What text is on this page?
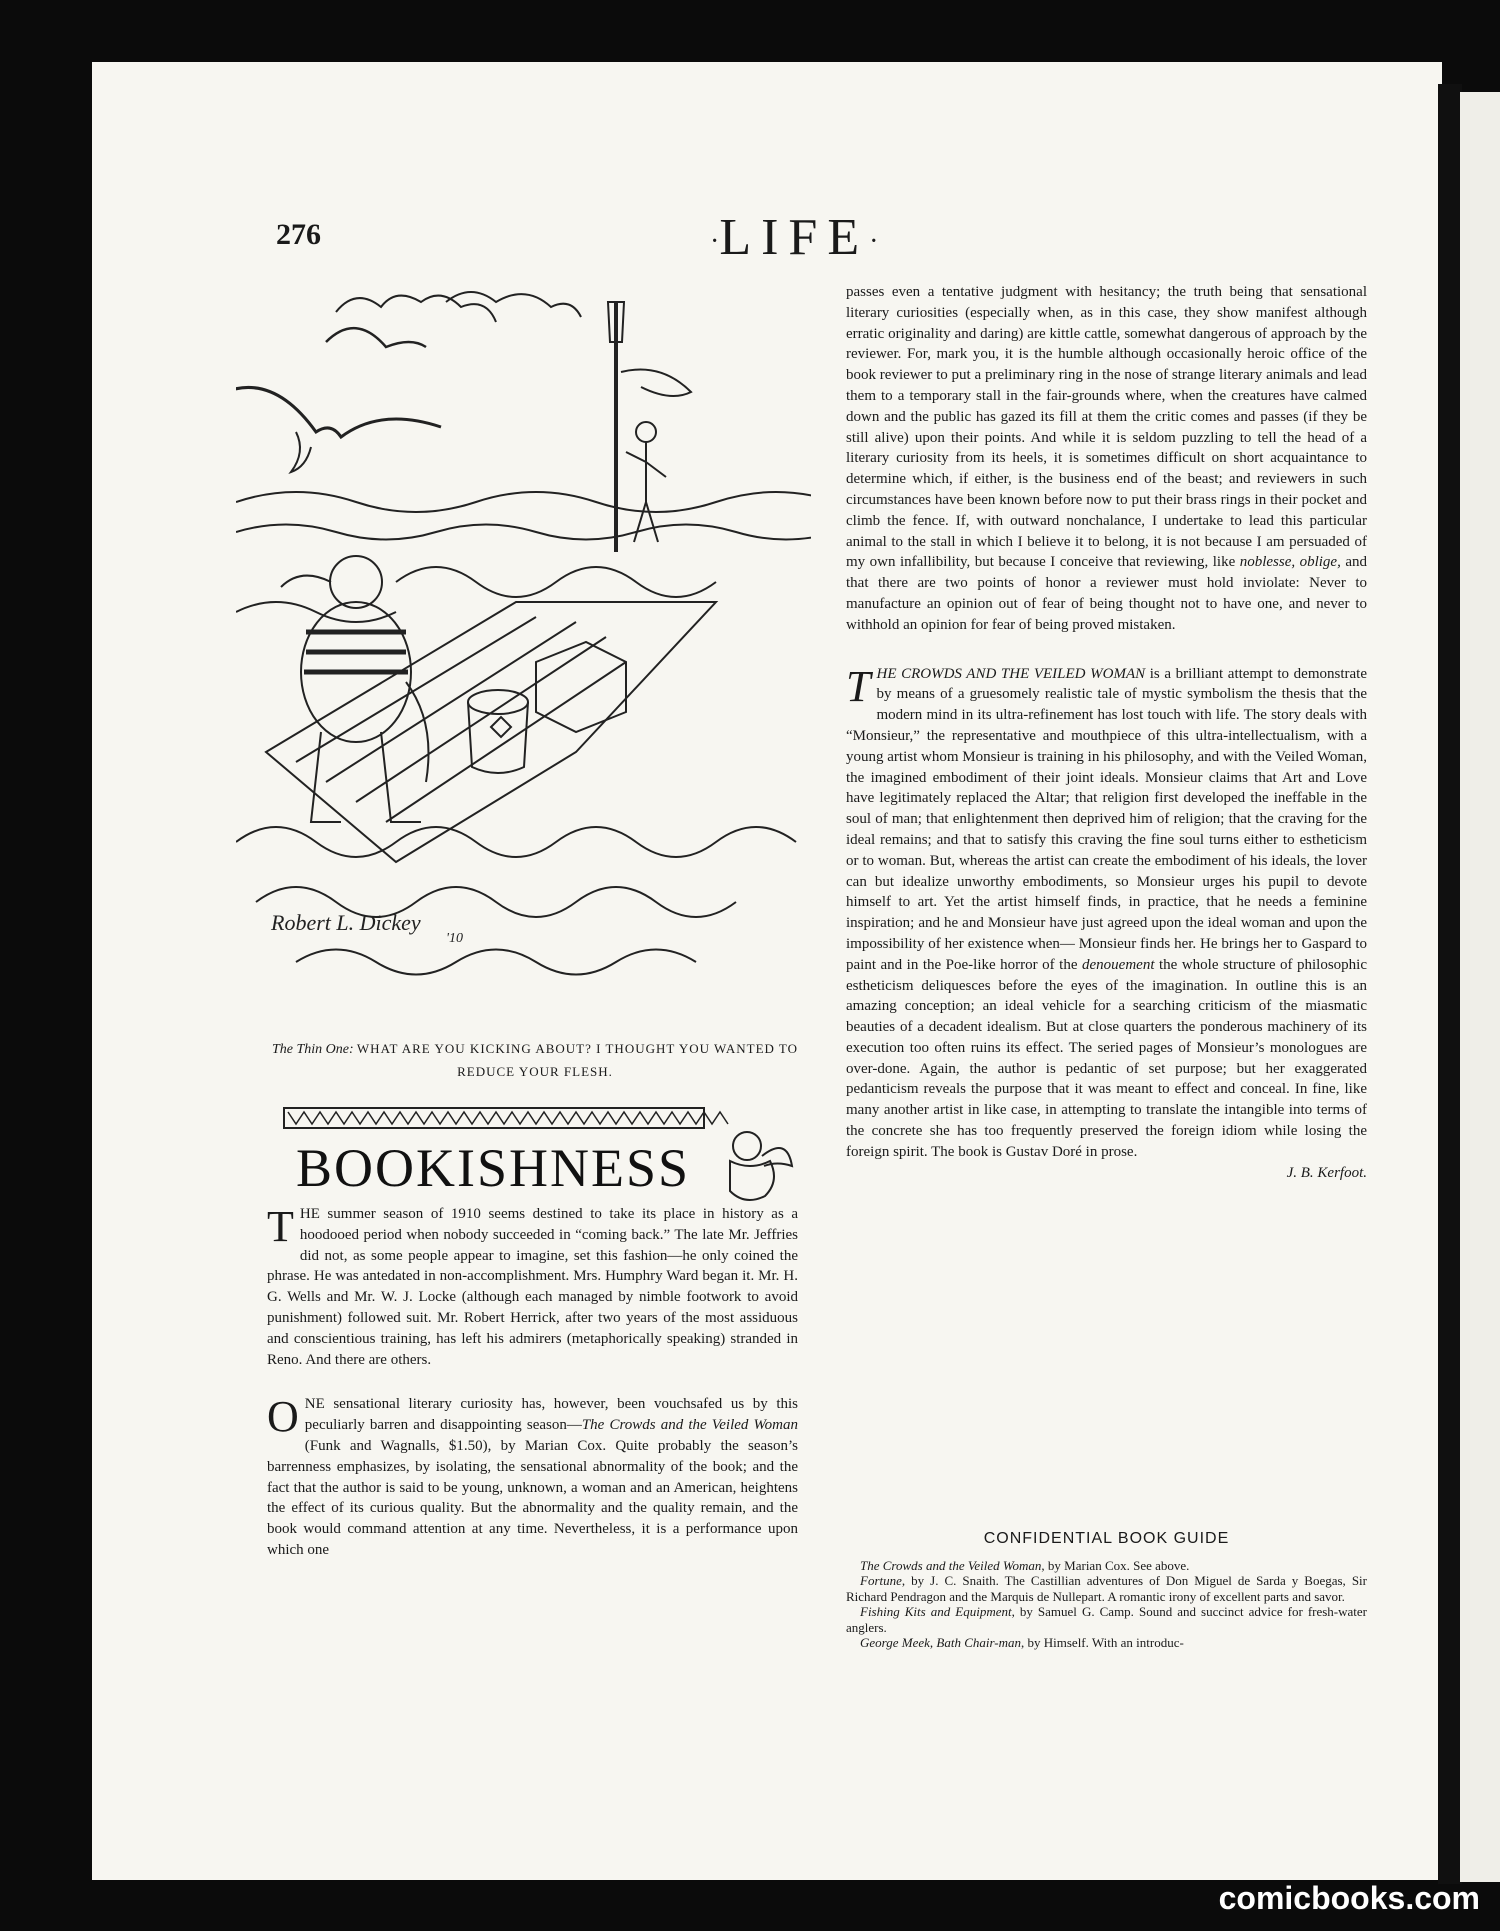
276	·LIFE·
Robert L. Dickey
'10
The Thin One: WHAT ARE YOU KICKING ABOUT? I THOUGHT YOU WANTED TO REDUCE YOUR FLESH.
BOOKISHNESS

THE summer season of 1910 seems destined to take its place in history as a hoodooed period when nobody succeeded in “coming back.” The late Mr. Jeffries did not, as some people appear to imagine, set this fashion—he only coined the phrase. He was antedated in non-accomplishment. Mrs. Humphry Ward began it. Mr. H. G. Wells and Mr. W. J. Locke (although each managed by nimble footwork to avoid punishment) followed suit. Mr. Robert Herrick, after two years of the most assiduous and conscientious training, has left his admirers (metaphorically speaking) stranded in Reno. And there are others.

ONE sensational literary curiosity has, however, been vouchsafed us by this peculiarly barren and disappointing season—The Crowds and the Veiled Woman (Funk and Wagnalls, $1.50), by Marian Cox. Quite probably the season’s barrenness emphasizes, by isolating, the sensational abnormality of the book; and the fact that the author is said to be young, unknown, a woman and an American, heightens the effect of its curious quality. But the abnormality and the quality remain, and the book would command attention at any time. Nevertheless, it is a performance upon which one

passes even a tentative judgment with hesitancy; the truth being that sensational literary curiosities (especially when, as in this case, they show manifest although erratic originality and daring) are kittle cattle, somewhat dangerous of approach by the reviewer. For, mark you, it is the humble although occasionally heroic office of the book reviewer to put a preliminary ring in the nose of strange literary animals and lead them to a temporary stall in the fair-grounds where, when the creatures have calmed down and the public has gazed its fill at them the critic comes and passes (if they be still alive) upon their points. And while it is seldom puzzling to tell the head of a literary curiosity from its heels, it is sometimes difficult on short acquaintance to determine which, if either, is the business end of the beast; and reviewers in such circumstances have been known before now to put their brass rings in their pocket and climb the fence. If, with outward nonchalance, I undertake to lead this particular animal to the stall in which I believe it to belong, it is not because I am persuaded of my own infallibility, but because I conceive that reviewing, like noblesse, oblige, and that there are two points of honor a reviewer must hold inviolate: Never to manufacture an opinion out of fear of being thought not to have one, and never to withhold an opinion for fear of being proved mistaken.

THE CROWDS AND THE VEILED WOMAN is a brilliant attempt to demonstrate by means of a gruesomely realistic tale of mystic symbolism the thesis that the modern mind in its ultra-refinement has lost touch with life. The story deals with “Monsieur,” the representative and mouthpiece of this ultra-intellectualism, with a young artist whom Monsieur is training in his philosophy, and with the Veiled Woman, the imagined embodiment of their joint ideals. Monsieur claims that Art and Love have legitimately replaced the Altar; that religion first developed the ineffable in the soul of man; that enlightenment then deprived him of religion; that the craving for the ideal remains; and that to satisfy this craving the fine soul turns either to estheticism or to woman. But, whereas the artist can create the embodiment of his ideals, the lover can but idealize unworthy embodiments, so Monsieur urges his pupil to devote himself to art. Yet the artist himself finds, in practice, that he needs a feminine inspiration; and he and Monsieur have just agreed upon the ideal woman and upon the impossibility of her existence when— Monsieur finds her. He brings her to Gaspard to paint and in the Poe-like horror of the denouement the whole structure of philosophic estheticism deliquesces before the eyes of the imagination. In outline this is an amazing conception; an ideal vehicle for a searching criticism of the miasmatic beauties of a decadent idealism. But at close quarters the ponderous machinery of its execution too often ruins its effect. The seried pages of Monsieur’s monologues are over-done. Again, the author is pedantic of set purpose; but her exaggerated pedanticism reveals the purpose that it was meant to effect and conceal. In fine, like many another artist in like case, in attempting to translate the intangible into terms of the concrete she has too frequently preserved the foreign idiom while losing the foreign spirit. The book is Gustav Doré in prose.

J. B. Kerfoot.
CONFIDENTIAL BOOK GUIDE

The Crowds and the Veiled Woman, by Marian Cox. See above.

Fortune, by J. C. Snaith. The Castillian adventures of Don Miguel de Sarda y Boegas, Sir Richard Pendragon and the Marquis de Nullepart. A romantic irony of excellent parts and savor.

Fishing Kits and Equipment, by Samuel G. Camp. Sound and succinct advice for fresh-water anglers.

George Meek, Bath Chair-man, by Himself. With an introduc-

comicbooks.com
